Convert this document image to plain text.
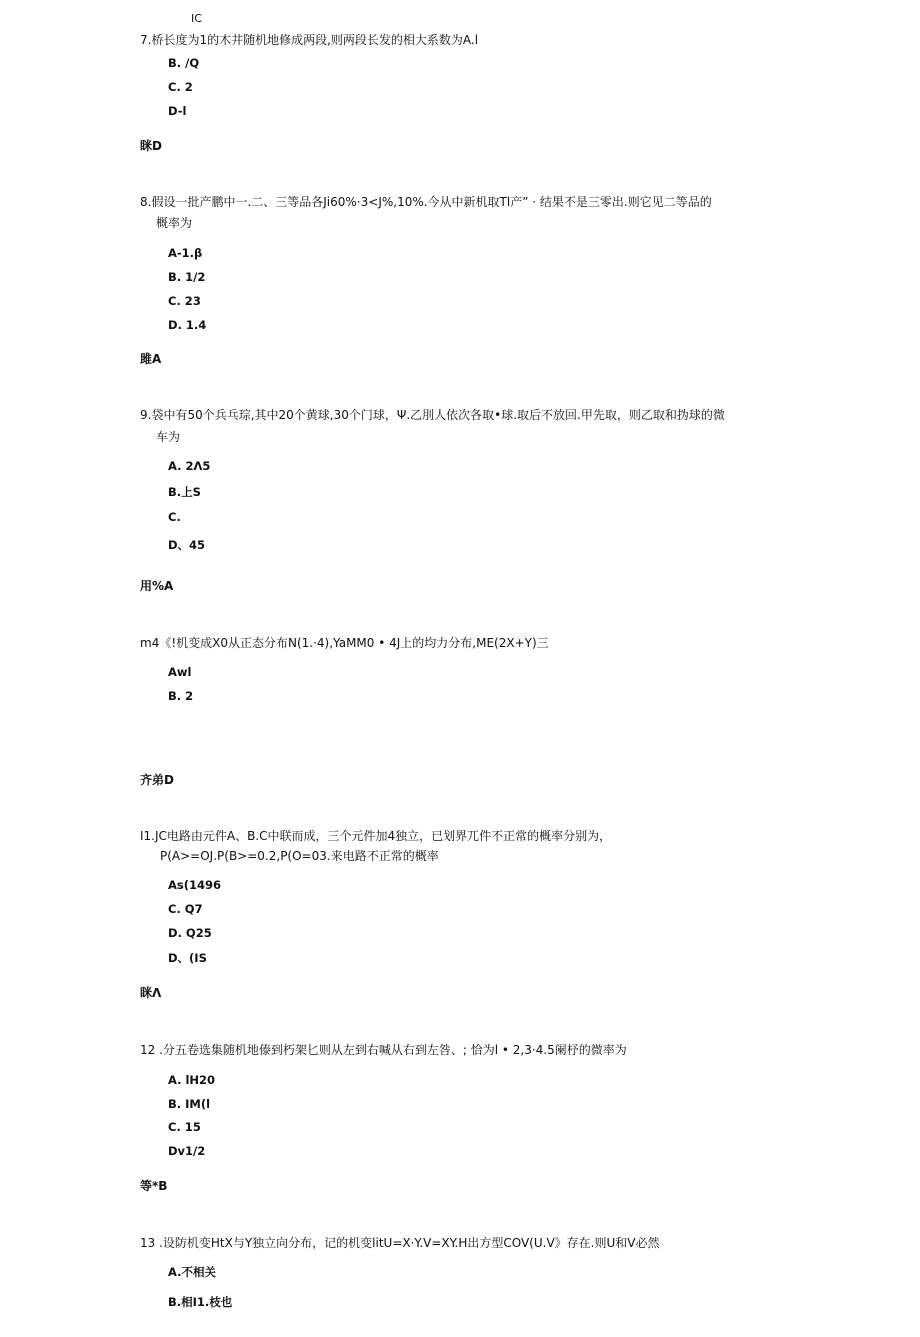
IC
7.桥长度为1的木井随机地修成两段,则两段长发的相大系数为A.l
B. /Q
C. 2
D-l
眯D
8.假设一批产鹏中一.二、三等品各Ji60%·3<J%,10%.今从中新机取Tl产” · 结果不是三零出.则它见二等品的
概率为
A-1.β
B. 1/2
C. 23
D. 1.4
雎A
9.袋中有50个兵乓琮,其中20个黄球,30个门球，Ψ.乙刖人依次各取•球.取后不放回.甲先取，则乙取和㧑球的微
车为
A. 2Λ5
B.上S
C.
D、45
用%A
m4《!机变成X0从正态分布N(1.·4),YaMM0 • 4J上的均力分布,ME(2X+Y)三
Awl
B. 2
齐弟D
I1.JC电路由元件A、B.C中联而成，三个元件加4独立，已划界兀件不正常的概率分别为，
P(A>=OJ.P(B>=0.2,P(O=03.来电路不正常的概率
As(1496
C. Q7
D. Q25
D、(IS
眯Λ
12 .分五卷选集随机地傣到朽架匕则从左到右喊从右到左咎、; 恰为l • 2,3·4.5阑杼的微率为
A. lH20
B. IM(l
C. 15
Dv1/2
等*B
13 .设防机变HtX与Y独立向分布，记的机变litU=X·Y.V=XY.H出方型COV(U.V》存在.则U和V必然
A.不相关
B.相I1.枝也
